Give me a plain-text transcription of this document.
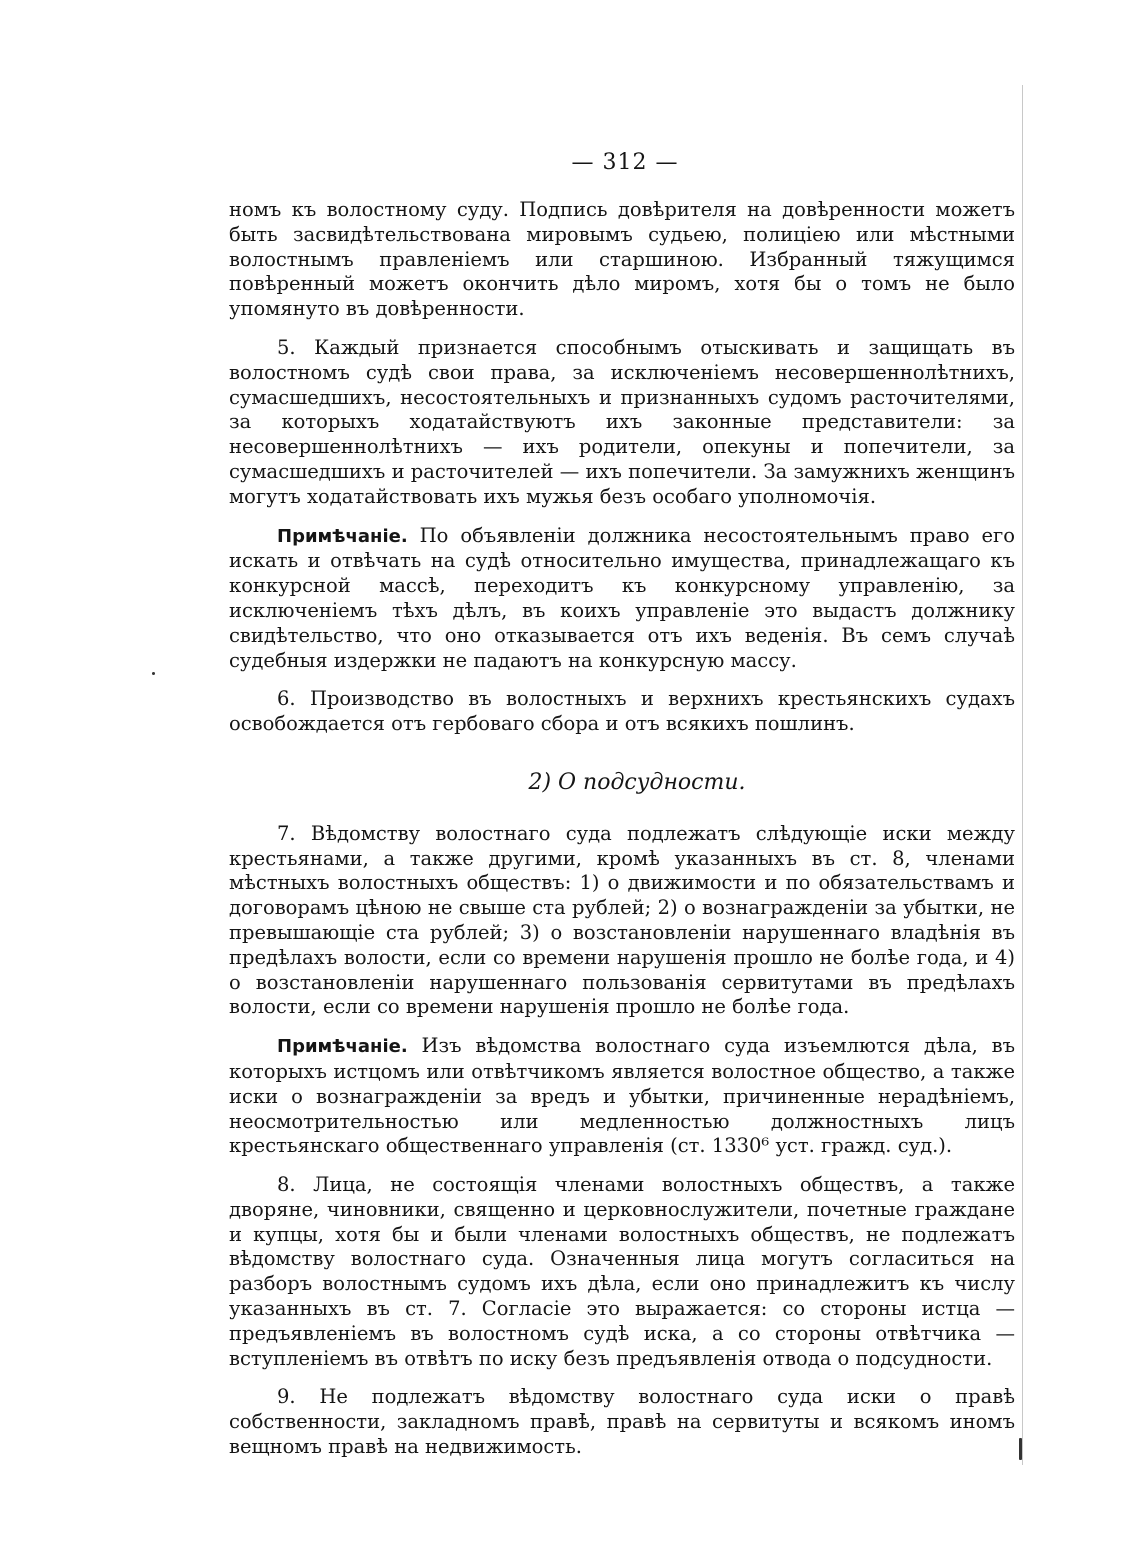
— 312 —

номъ къ волостному суду. Подпись довѣрителя на довѣренности можетъ быть засвидѣтельствована мировымъ судьею, полицiею или мѣстными волостнымъ правленiемъ или старшиною. Избранный тяжущимся повѣренный можетъ окончить дѣло миромъ, хотя бы о томъ не было упомянуто въ довѣренности.

5. Каждый признается способнымъ отыскивать и защищать въ волостномъ судѣ свои права, за исключенiемъ несовершеннолѣтнихъ, сумасшедшихъ, несостоятельныхъ и признанныхъ судомъ расточителями, за которыхъ ходатайствуютъ ихъ законные представители: за несовершеннолѣтнихъ — ихъ родители, опекуны и попечители, за сумасшедшихъ и расточителей — ихъ попечители. За замужнихъ женщинъ могутъ ходатайствовать ихъ мужья безъ особаго уполномочiя.

Примѣчанiе. По объявленiи должника несостоятельнымъ право его искать и отвѣчать на судѣ относительно имущества, принадлежащаго къ конкурсной массѣ, переходитъ къ конкурсному управленiю, за исключенiемъ тѣхъ дѣлъ, въ коихъ управленiе это выдастъ должнику свидѣтельство, что оно отказывается отъ ихъ веденiя. Въ семъ случаѣ судебныя издержки не падаютъ на конкурсную массу.

6. Производство въ волостныхъ и верхнихъ крестьянскихъ судахъ освобождается отъ гербоваго сбора и отъ всякихъ пошлинъ.

2) О подсудности.

7. Вѣдомству волостнаго суда подлежатъ слѣдующiе иски между крестьянами, а также другими, кромѣ указанныхъ въ ст. 8, членами мѣстныхъ волостныхъ обществъ: 1) о движимости и по обязательствамъ и договорамъ цѣною не свыше ста рублей; 2) о вознагражденiи за убытки, не превышающiе ста рублей; 3) о возстановленiи нарушеннаго владѣнiя въ предѣлахъ волости, если со времени нарушенiя прошло не болѣе года, и 4) о возстановленiи нарушеннаго пользованiя сервитутами въ предѣлахъ волости, если со времени нарушенiя прошло не болѣе года.

Примѣчанiе. Изъ вѣдомства волостнаго суда изъемлются дѣла, въ которыхъ истцомъ или отвѣтчикомъ является волостное общество, а также иски о вознагражденiи за вредъ и убытки, причиненные нерадѣнiемъ, неосмотрительностью или медленностью должностныхъ лицъ крестьянскаго общественнаго управленiя (ст. 1330⁶ уст. гражд. суд.).

8. Лица, не состоящiя членами волостныхъ обществъ, а также дворяне, чиновники, священно и церковнослужители, почетные граждане и купцы, хотя бы и были членами волостныхъ обществъ, не подлежатъ вѣдомству волостнаго суда. Означенныя лица могутъ согласиться на разборъ волостнымъ судомъ ихъ дѣла, если оно принадлежитъ къ числу указанныхъ въ ст. 7. Согласiе это выражается: со стороны истца — предъявленiемъ въ волостномъ судѣ иска, а со стороны отвѣтчика — вступленiемъ въ отвѣтъ по иску безъ предъявленiя отвода о подсудности.

9. Не подлежатъ вѣдомству волостнаго суда иски о правѣ собственности, закладномъ правѣ, правѣ на сервитуты и всякомъ иномъ вещномъ правѣ на недвижимость.
